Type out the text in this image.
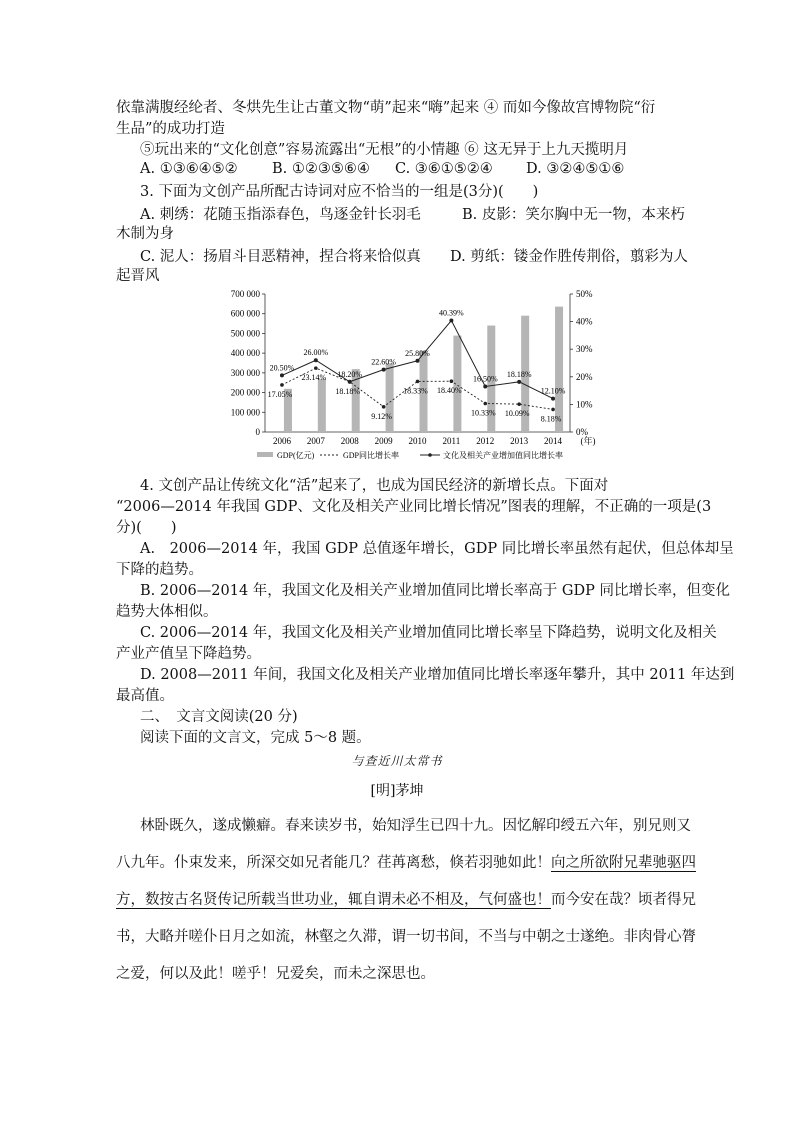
依靠满腹经纶者、冬烘先生让古董文物“萌”起来“嗨”起来 ④ 而如今像故宫博物院“衍
生品”的成功打造
⑤玩出来的“文化创意”容易流露出“无根”的小情趣 ⑥ 这无异于上九天揽明月
A. ①③⑥④⑤② B. ①②③⑤⑥④ C. ③⑥①⑤②④ D. ③②④⑤①⑥
3. 下面为文创产品所配古诗词对应不恰当的一组是(3分)(　　)
A. 刺绣：花随玉指添春色，鸟逐金针长羽毛	B. 皮影：笑尔胸中无一物，本来朽
木制为身
C. 泥人：扬眉斗目恶精神，捏合将来恰似真 D. 剪纸：镂金作胜传荆俗，翦彩为人
起晋风
700 000
600 000
500 000
400 000
300 000
200 000
100 000
0
50%
40%
30%
20%
10%
0%
2006 2007 2008 2009 2010 2011 2012 2013 2014 (年)
20.50%
26.00%
18.20%
22.60%
25.80%
40.39%
16.50%
18.18%
12.10%
17.05%
23.14%
18.18%
9.12%
18.33% 18.40%
10.33% 10.09%
8.18%
GDP(亿元)	GDP同比增长率	文化及相关产业增加值同比增长率
4. 文创产品让传统文化“活”起来了，也成为国民经济的新增长点。下面对
“2006—2014 年我国 GDP、文化及相关产业同比增长情况”图表的理解，不正确的一项是(3
分)(　　)
A.　2006—2014 年，我国 GDP 总值逐年增长，GDP 同比增长率虽然有起伏，但总体却呈
下降的趋势。
B. 2006—2014 年，我国文化及相关产业增加值同比增长率高于 GDP 同比增长率，但变化
趋势大体相似。
C. 2006—2014 年，我国文化及相关产业增加值同比增长率呈下降趋势，说明文化及相关
产业产值呈下降趋势。
D. 2008—2011 年间，我国文化及相关产业增加值同比增长率逐年攀升，其中 2011 年达到
最高值。
二、　文言文阅读(20 分)
阅读下面的文言文，完成 5～8 题。
与查近川太常书
[明]茅坤
林卧既久，遂成懒癖。春来读岁书，始知浮生已四十九。因忆解印绶五六年，别兄则又
八九年。仆束发来，所深交如兄者能几？荏苒离愁，倏若羽驰如此！向之所欲附兄辈驰驱四
方，数按古名贤传记所载当世功业，辄自谓未必不相及，气何盛也！而今安在哉？顷者得兄
书，大略并嗟仆日月之如流，林壑之久滞，谓一切书间，不当与中朝之士遂绝。非肉骨心膂
之爱，何以及此！嗟乎！兄爱矣，而未之深思也。
